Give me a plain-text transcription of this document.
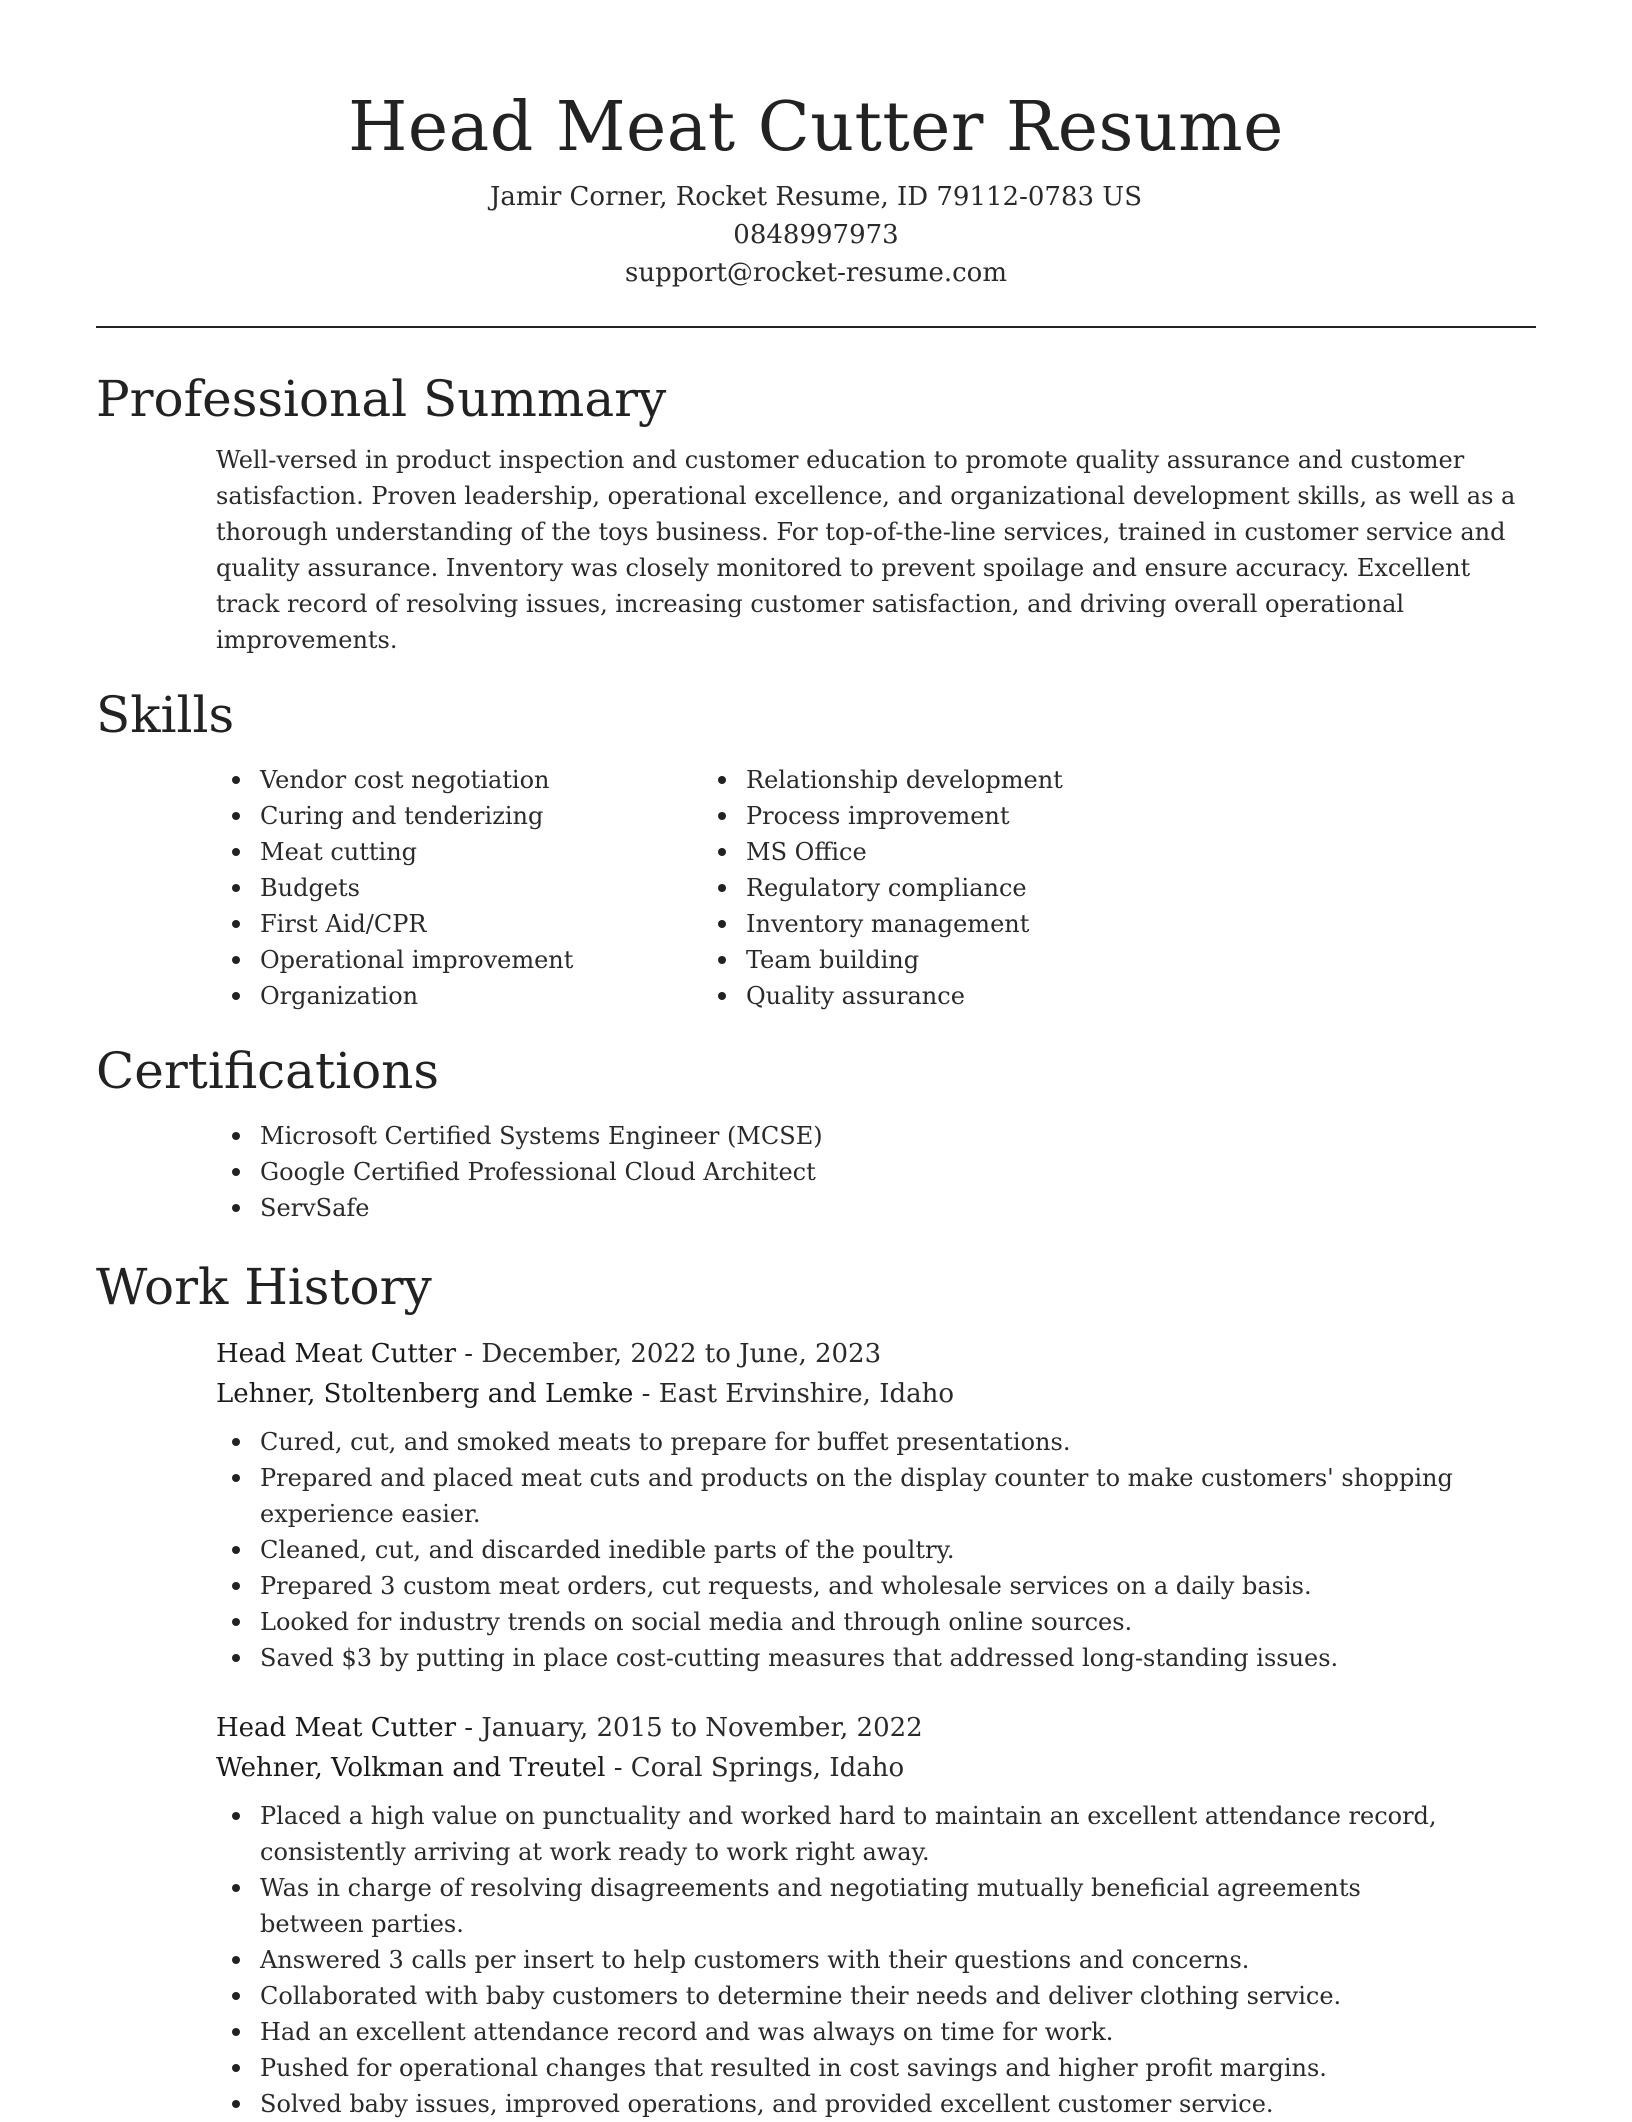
Head Meat Cutter Resume
Jamir Corner, Rocket Resume, ID 79112-0783 US
0848997973
support@rocket-resume.com
Professional Summary

Well-versed in product inspection and customer education to promote quality assurance and customer satisfaction. Proven leadership, operational excellence, and organizational development skills, as well as a thorough understanding of the toys business. For top-of-the-line services, trained in customer service and quality assurance. Inventory was closely monitored to prevent spoilage and ensure accuracy. Excellent track record of resolving issues, increasing customer satisfaction, and driving overall operational improvements.

Skills
Vendor cost negotiation
Curing and tenderizing
Meat cutting
Budgets
First Aid/CPR
Operational improvement
Organization
Relationship development
Process improvement
MS Office
Regulatory compliance
Inventory management
Team building
Quality assurance
Certifications
Microsoft Certified Systems Engineer (MCSE)
Google Certified Professional Cloud Architect
ServSafe
Work History
Head Meat Cutter - December, 2022 to June, 2023
Lehner, Stoltenberg and Lemke - East Ervinshire, Idaho
Cured, cut, and smoked meats to prepare for buffet presentations.
Prepared and placed meat cuts and products on the display counter to make customers' shopping experience easier.
Cleaned, cut, and discarded inedible parts of the poultry.
Prepared 3 custom meat orders, cut requests, and wholesale services on a daily basis.
Looked for industry trends on social media and through online sources.
Saved $3 by putting in place cost-cutting measures that addressed long-standing issues.
Head Meat Cutter - January, 2015 to November, 2022
Wehner, Volkman and Treutel - Coral Springs, Idaho
Placed a high value on punctuality and worked hard to maintain an excellent attendance record, consistently arriving at work ready to work right away.
Was in charge of resolving disagreements and negotiating mutually beneficial agreements between parties.
Answered 3 calls per insert to help customers with their questions and concerns.
Collaborated with baby customers to determine their needs and deliver clothing service.
Had an excellent attendance record and was always on time for work.
Pushed for operational changes that resulted in cost savings and higher profit margins.
Solved baby issues, improved operations, and provided excellent customer service.
